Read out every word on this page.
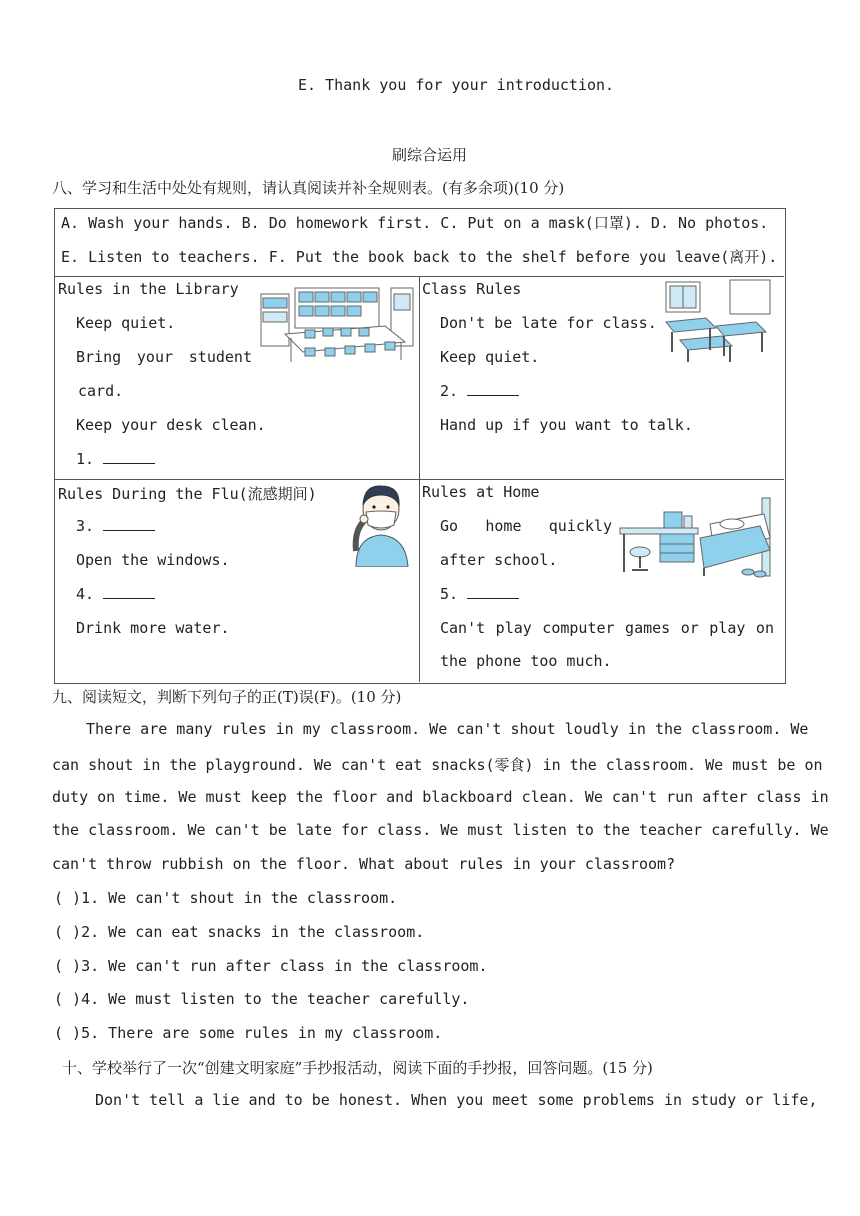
E. Thank you for your introduction.
刷综合运用
八、学习和生活中处处有规则，请认真阅读并补全规则表。(有多余项)(10 分)
A. Wash your hands. B. Do homework first. C. Put on a mask(口罩). D. No photos.
E. Listen to teachers. F. Put the book back to the shelf before you leave(离开).
Rules in the Library
Keep quiet.
Bring your student
card.
Keep your desk clean.
1.
Class Rules
Don't be late for class.
Keep quiet.
2.
Hand up if you want to talk.
Rules During the Flu(流感期间)
3.
Open the windows.
4.
Drink more water.
Rules at Home
Go home quickly
after school.
5.
Can't play computer games or play on
the phone too much.
九、阅读短文，判断下列句子的正(T)误(F)。(10 分)
There are many rules in my classroom. We can't shout loudly in the classroom. We
can shout in the playground. We can't eat snacks(零食) in the classroom. We must be on
duty on time. We must keep the floor and blackboard clean. We can't run after class in
the classroom. We can't be late for class. We must listen to the teacher carefully. We
can't throw rubbish on the floor. What about rules in your classroom?
( )1. We can't shout in the classroom.
( )2. We can eat snacks in the classroom.
( )3. We can't run after class in the classroom.
( )4. We must listen to the teacher carefully.
( )5. There are some rules in my classroom.
十、学校举行了一次“创建文明家庭”手抄报活动，阅读下面的手抄报，回答问题。(15 分)
Don't tell a lie and to be honest. When you meet some problems in study or life,
